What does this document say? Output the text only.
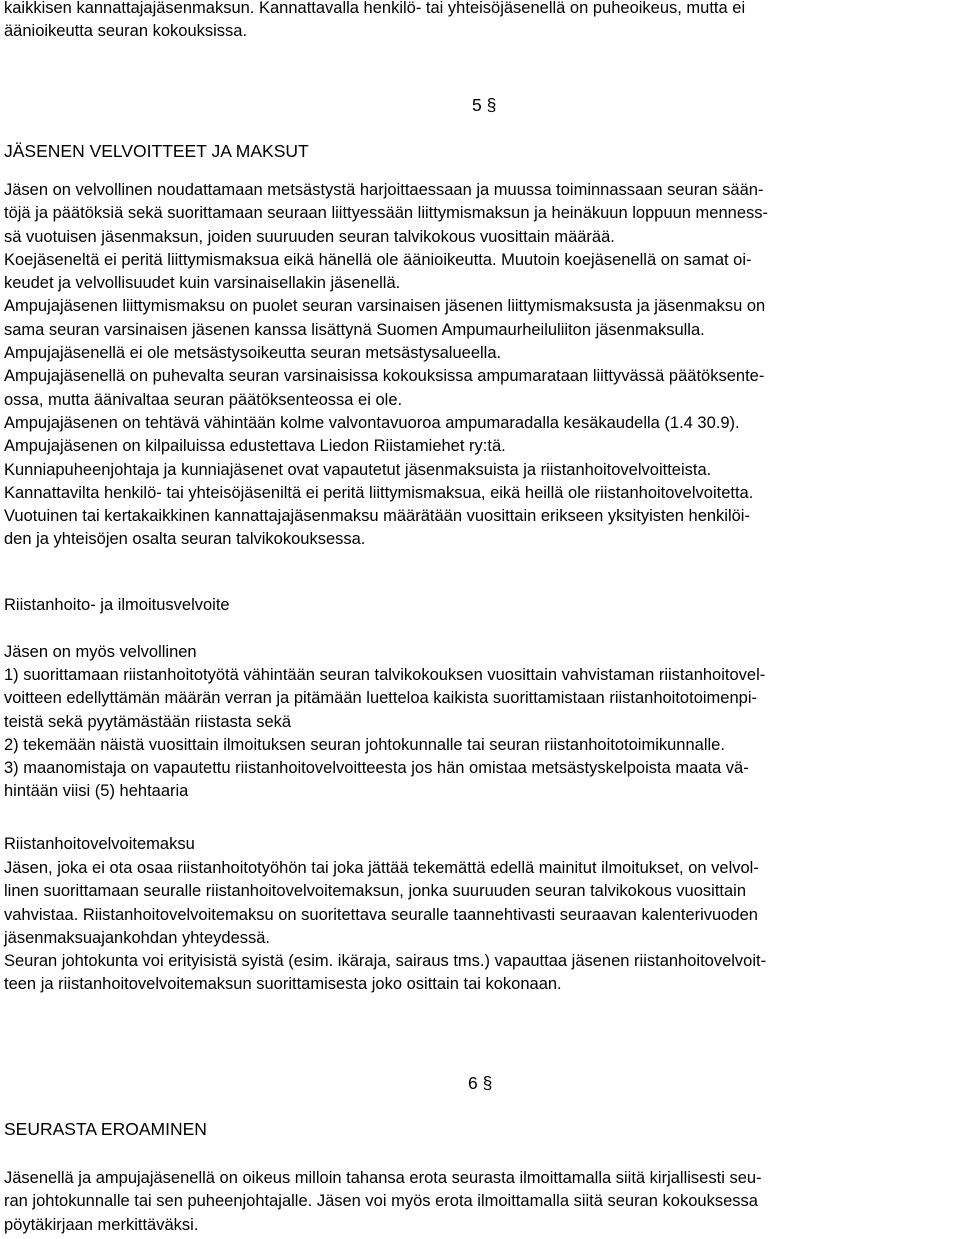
kaikkisen kannattajajäsenmaksun. Kannattavalla henkilö- tai yhteisöjäsenellä on puheoikeus, mutta ei

äänioikeutta seuran kokouksissa.

5 §
JÄSENEN VELVOITTEET JA MAKSUT

Jäsen on velvollinen noudattamaan metsästystä harjoittaessaan ja muussa toiminnassaan seuran sään-

töjä ja päätöksiä sekä suorittamaan seuraan liittyessään liittymismaksun ja heinäkuun loppuun menness-

sä vuotuisen jäsenmaksun, joiden suuruuden seuran talvikokous vuosittain määrää.

Koejäseneltä ei peritä liittymismaksua eikä hänellä ole äänioikeutta. Muutoin koejäsenellä on samat oi-

keudet ja velvollisuudet kuin varsinaisellakin jäsenellä.

Ampujajäsenen liittymismaksu on puolet seuran varsinaisen jäsenen liittymismaksusta ja jäsenmaksu on

sama seuran varsinaisen jäsenen kanssa lisättynä Suomen Ampumaurheiluliiton jäsenmaksulla.

Ampujajäsenellä ei ole metsästysoikeutta seuran metsästysalueella.

Ampujajäsenellä on puhevalta seuran varsinaisissa kokouksissa ampumarataan liittyvässä päätöksente-

ossa, mutta äänivaltaa seuran päätöksenteossa ei ole.

Ampujajäsenen on tehtävä vähintään kolme valvontavuoroa ampumaradalla kesäkaudella (1.4 30.9).

Ampujajäsenen on kilpailuissa edustettava Liedon Riistamiehet ry:tä.

Kunniapuheenjohtaja ja kunniajäsenet ovat vapautetut jäsenmaksuista ja riistanhoitovelvoitteista.

Kannattavilta henkilö- tai yhteisöjäseniltä ei peritä liittymismaksua, eikä heillä ole riistanhoitovelvoitetta.

Vuotuinen tai kertakaikkinen kannattajajäsenmaksu määrätään vuosittain erikseen yksityisten henkilöi-

den ja yhteisöjen osalta seuran talvikokouksessa.

Riistanhoito- ja ilmoitusvelvoite
Jäsen on myös velvollinen

1) suorittamaan riistanhoitotyötä vähintään seuran talvikokouksen vuosittain vahvistaman riistanhoitovel-

voitteen edellyttämän määrän verran ja pitämään luetteloa kaikista suorittamistaan riistanhoitotoimenpi-

teistä sekä pyytämästään riistasta sekä

2) tekemään näistä vuosittain ilmoituksen seuran johtokunnalle tai seuran riistanhoitotoimikunnalle.

3) maanomistaja on vapautettu riistanhoitovelvoitteesta jos hän omistaa metsästyskelpoista maata vä-

hintään viisi (5) hehtaaria

Riistanhoitovelvoitemaksu

Jäsen, joka ei ota osaa riistanhoitotyöhön tai joka jättää tekemättä edellä mainitut ilmoitukset, on velvol-

linen suorittamaan seuralle riistanhoitovelvoitemaksun, jonka suuruuden seuran talvikokous vuosittain

vahvistaa. Riistanhoitovelvoitemaksu on suoritettava seuralle taannehtivasti seuraavan kalenterivuoden

jäsenmaksuajankohdan yhteydessä.

Seuran johtokunta voi erityisistä syistä (esim. ikäraja, sairaus tms.) vapauttaa jäsenen riistanhoitovelvoit-

teen ja riistanhoitovelvoitemaksun suorittamisesta joko osittain tai kokonaan.

6 §
SEURASTA EROAMINEN

Jäsenellä ja ampujajäsenellä on oikeus milloin tahansa erota seurasta ilmoittamalla siitä kirjallisesti seu-

ran johtokunnalle tai sen puheenjohtajalle. Jäsen voi myös erota ilmoittamalla siitä seuran kokouksessa

pöytäkirjaan merkittäväksi.
